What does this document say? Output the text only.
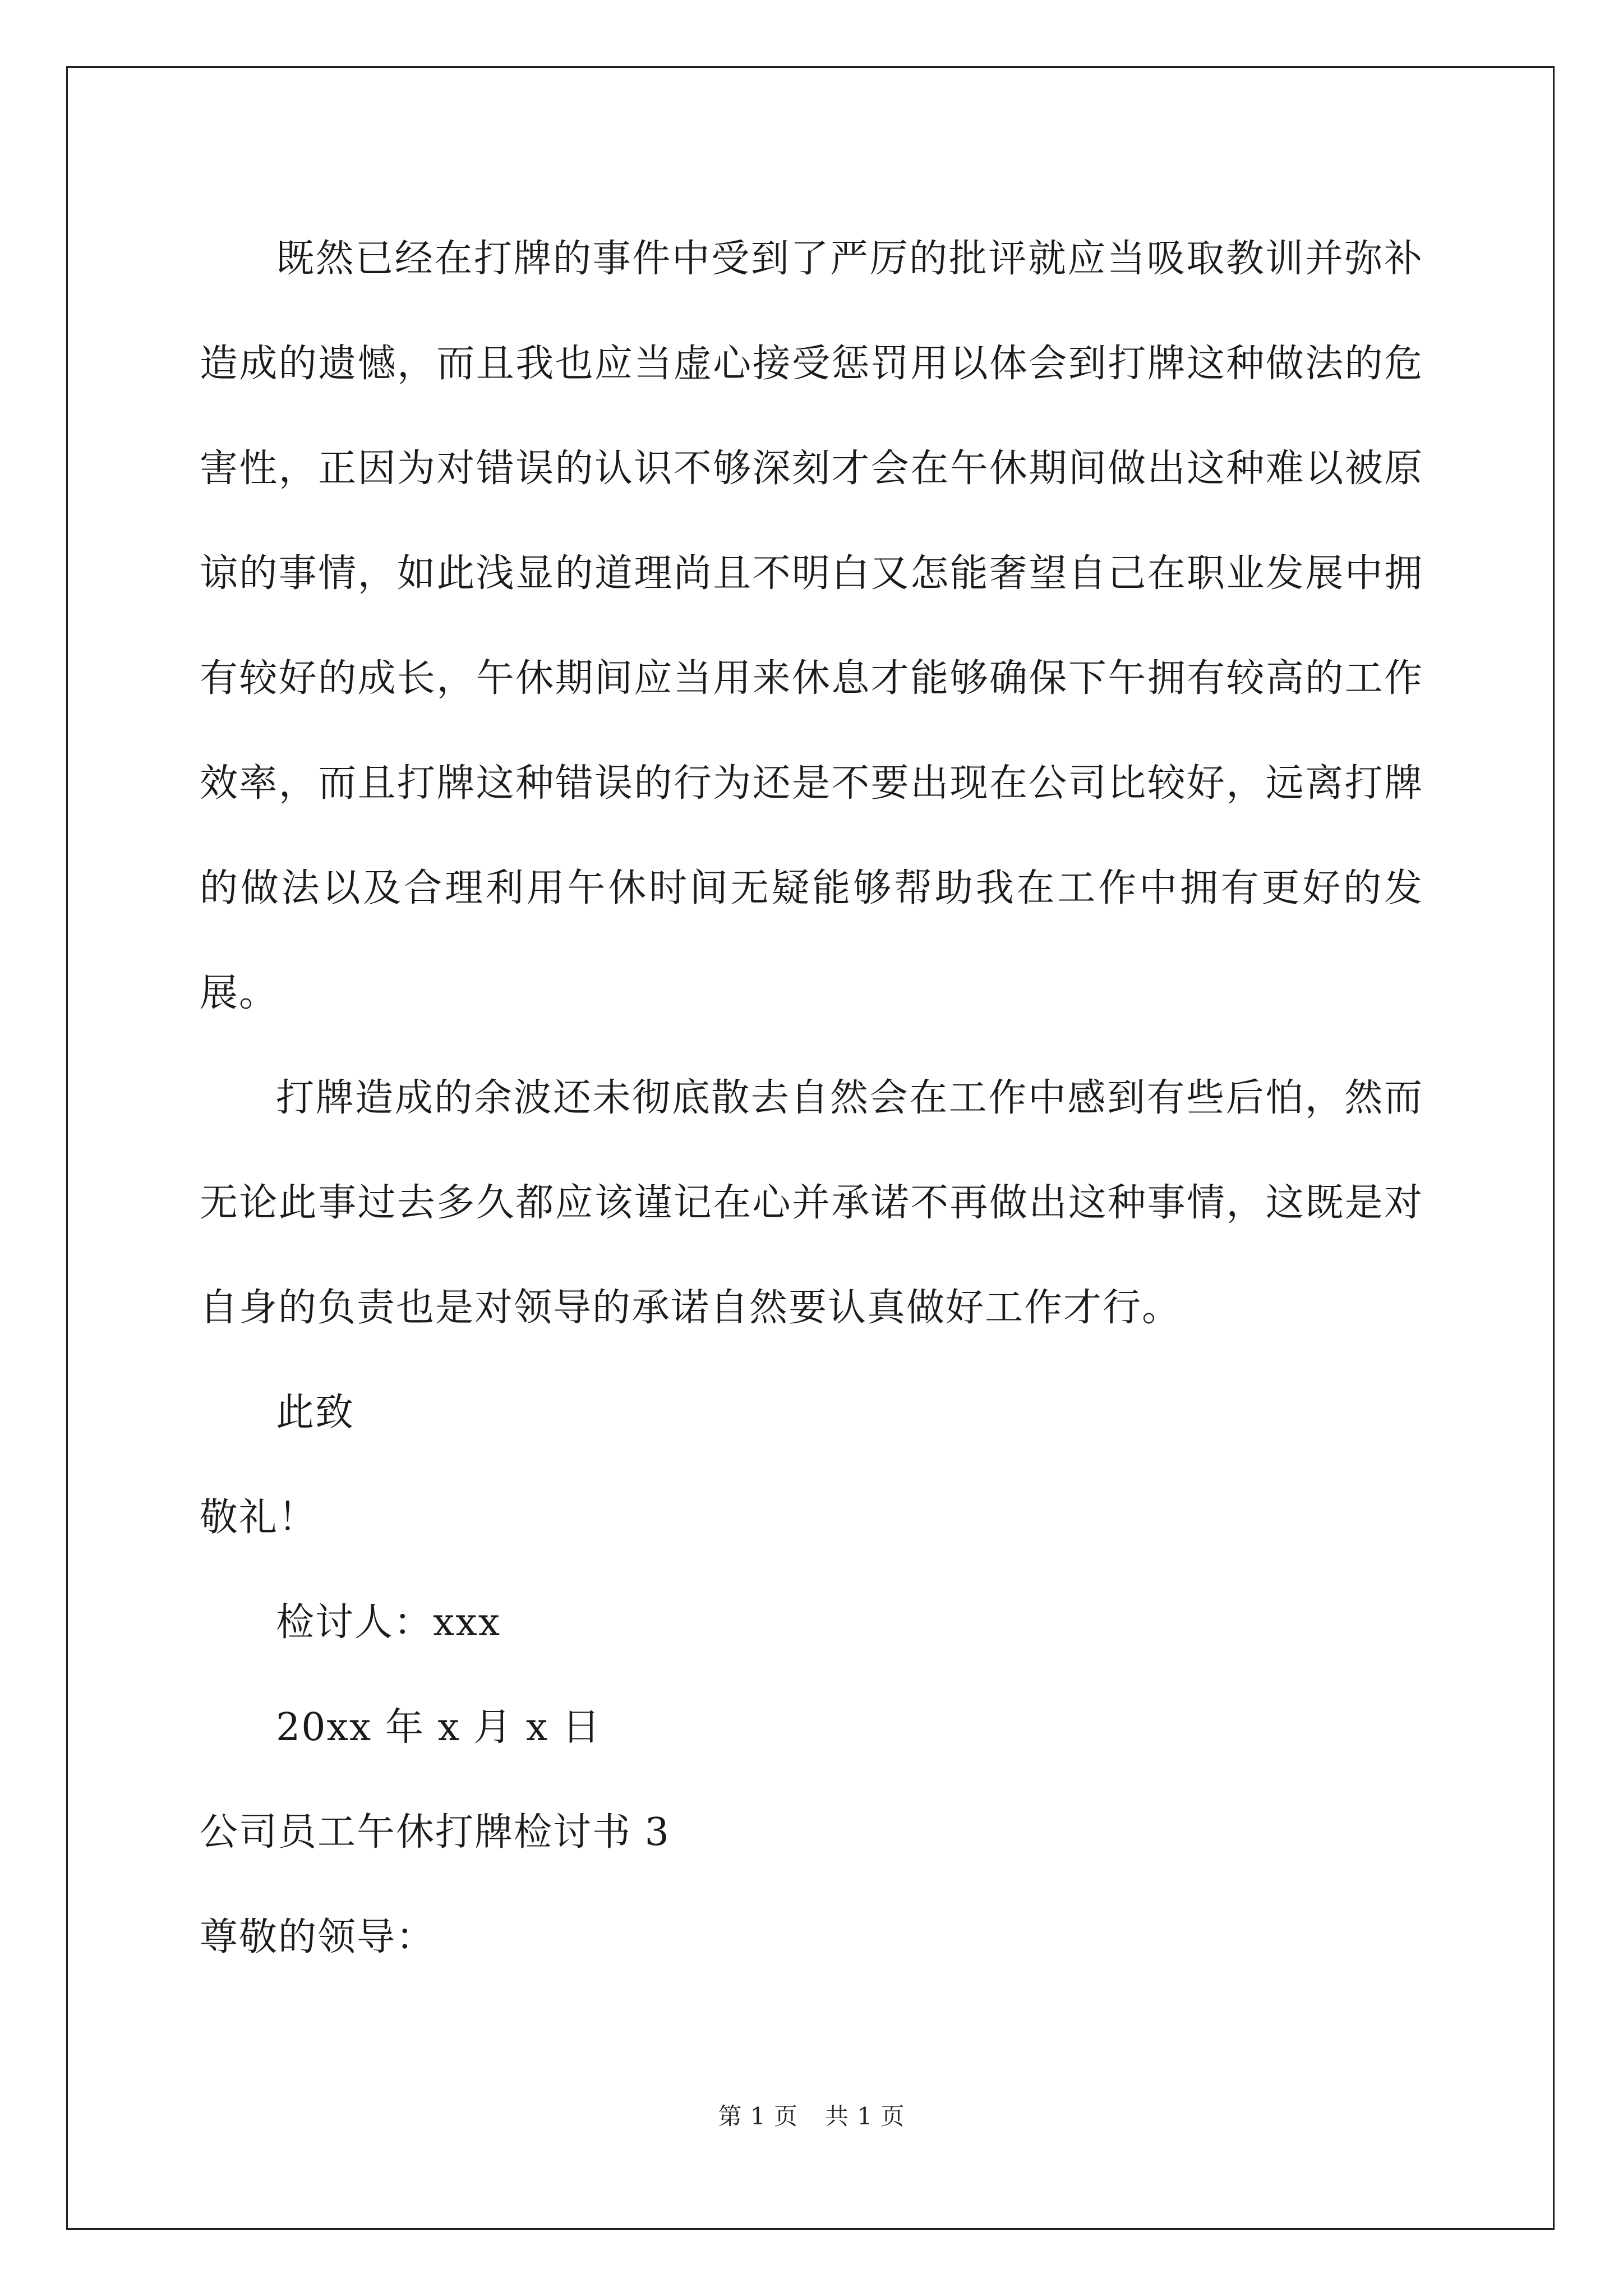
既然已经在打牌的事件中受到了严厉的批评就应当吸取教训并弥补造成的遗憾，而且我也应当虚心接受惩罚用以体会到打牌这种做法的危害性，正因为对错误的认识不够深刻才会在午休期间做出这种难以被原谅的事情，如此浅显的道理尚且不明白又怎能奢望自己在职业发展中拥有较好的成长，午休期间应当用来休息才能够确保下午拥有较高的工作效率，而且打牌这种错误的行为还是不要出现在公司比较好，远离打牌的做法以及合理利用午休时间无疑能够帮助我在工作中拥有更好的发展。

打牌造成的余波还未彻底散去自然会在工作中感到有些后怕，然而无论此事过去多久都应该谨记在心并承诺不再做出这种事情，这既是对自身的负责也是对领导的承诺自然要认真做好工作才行。

此致

敬礼！

检讨人：xxx

20xx 年 x 月 x 日

公司员工午休打牌检讨书 3

尊敬的领导：

第 1 页 共 1 页
